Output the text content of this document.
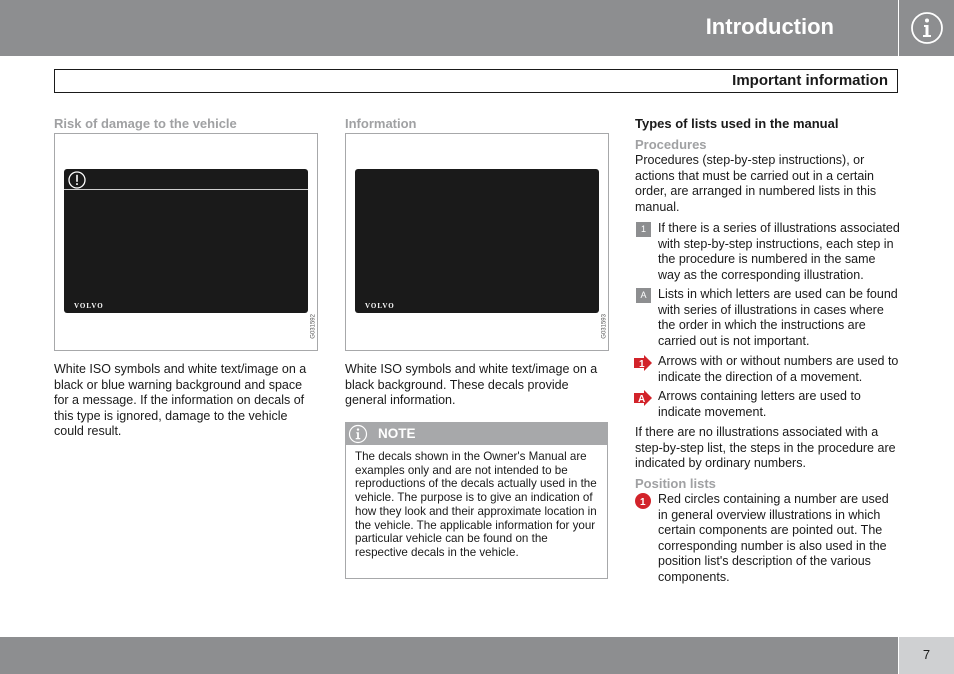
Introduction
Important information
Risk of damage to the vehicle
VOLVO
G031592
White ISO symbols and white text/image on a black or blue warning background and space for a message. If the information on decals of this type is ignored, damage to the vehicle could result.
Information
VOLVO
G031593
White ISO symbols and white text/image on a black background. These decals provide general information.
NOTE
The decals shown in the Owner's Manual are examples only and are not intended to be reproductions of the decals actually used in the vehicle. The purpose is to give an indication of how they look and their approximate location in the vehicle. The applicable information for your particular vehicle can be found on the respective decals in the vehicle.
Types of lists used in the manual
Procedures
Procedures (step-by-step instructions), or actions that must be carried out in a certain order, are arranged in numbered lists in this manual.
1 If there is a series of illustrations associated with step-by-step instructions, each step in the procedure is numbered in the same way as the corresponding illustration.
A Lists in which letters are used can be found with series of illustrations in cases where the order in which the instructions are carried out is not important.
1 Arrows with or without numbers are used to indicate the direction of a movement.
A Arrows containing letters are used to indicate movement.
If there are no illustrations associated with a step-by-step list, the steps in the procedure are indicated by ordinary numbers.
Position lists
1 Red circles containing a number are used in general overview illustrations in which certain components are pointed out. The corresponding number is also used in the position list's description of the various components.
7
